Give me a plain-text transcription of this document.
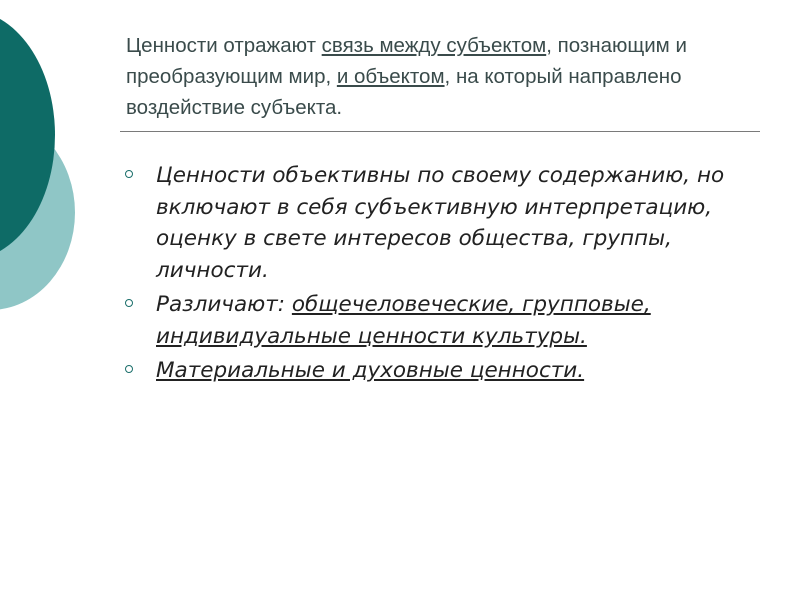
Ценности отражают связь между субъектом, познающим и преобразующим мир, и объектом, на который направлено воздействие субъекта.

Ценности объективны по своему содержанию, но включают в себя субъективную интерпретацию, оценку в свете интересов общества, группы, личности.
Различают: общечеловеческие, групповые, индивидуальные ценности культуры.
Материальные и духовные ценности.
